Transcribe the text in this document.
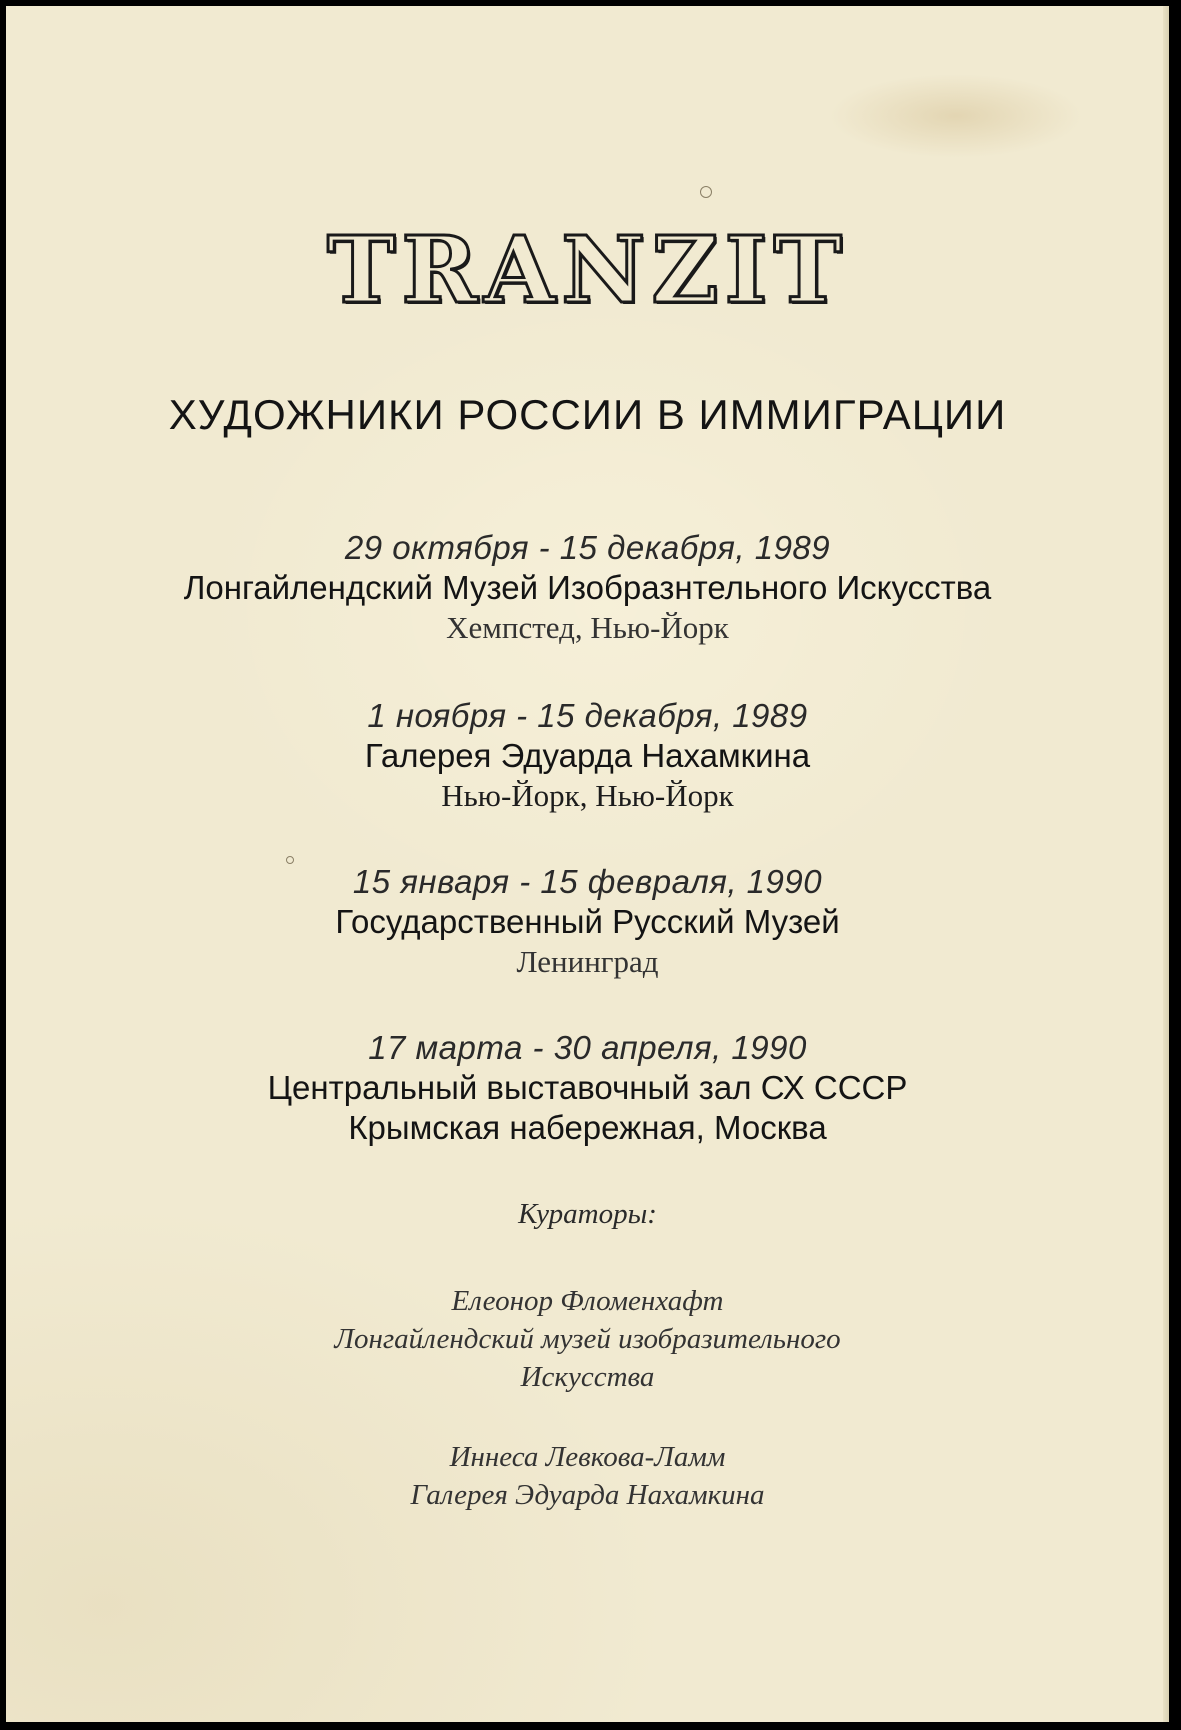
TRANZIT
ХУДОЖНИКИ РОССИИ В ИММИГРАЦИИ
29 октября - 15 декабря, 1989
Лонгайлендский Музей Изобразнтельного Искусства
Хемпстед, Нью-Йорк
1 ноября - 15 декабря, 1989
Галерея Эдуарда Нахамкина
Нью-Йорк, Нью-Йорк
15 января - 15 февраля, 1990
Государственный Русский Музей
Ленинград
17 марта - 30 апреля, 1990
Центральный выставочный зал СХ СССР
Крымская набережная, Москва
Кураторы:
Елеонор Фломенхафт
Лонгайлендский музей изобразительного
Искусства
Иннеса Левкова-Ламм
Галерея Эдуарда Нахамкина
